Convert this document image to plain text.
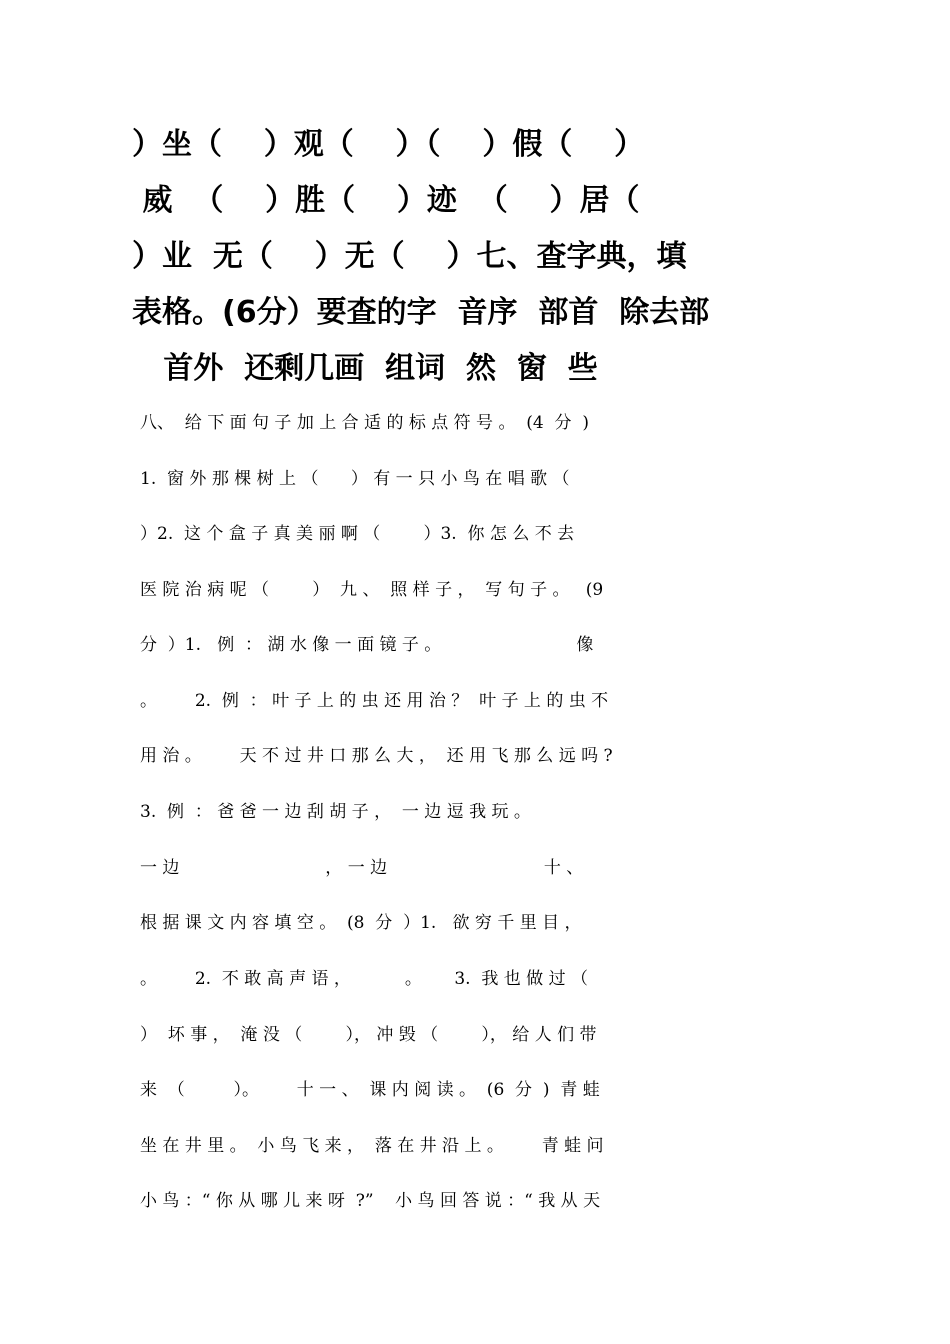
）坐（    ）观（    ）（    ）假（    ）
威  （    ）胜（    ）迹  （    ）居（
）业  无（    ）无（    ）七、查字典，填
表格。(6分）要查的字  音序  部首  除去部
首外  还剩几画  组词  然  窗  些
八、  给 下 面 句 子 加 上 合 适 的 标 点 符 号 。  (4  分  )
1.  窗 外 那 棵 树 上 （      ） 有 一 只 小 鸟 在 唱 歌 （
）2.  这 个 盒 子 真 美 丽 啊 （        ）3.  你 怎 么 不 去
医 院 治 病 呢 （        ）  九 、  照 样 子 ，  写 句 子 。   (9
分  ）1.   例  ： 湖 水 像 一 面 镜 子 。                         像
。       2.  例  ： 叶 子 上 的 虫 还 用 治 ？  叶 子 上 的 虫 不
用 治 。       天 不 过 井 口 那 么 大 ，  还 用 飞 那 么 远 吗 ?
3.  例  ： 爸 爸 一 边 刮 胡 子 ，  一 边 逗 我 玩 。
一 边                           ， 一 边                             十 、
根 据 课 文 内 容 填 空 。  (8  分  ）1.   欲 穷 千 里 目 ，
。       2.  不 敢 高 声 语 ，          。      3.  我 也 做 过 （
）  坏 事 ，  淹 没 （        ）， 冲 毁 （        ）， 给 人 们 带
来  （         ）。       十 一 、  课 内 阅 读 。  (6  分  )  青 蛙
坐 在 井 里 。  小 鸟 飞 来 ，  落 在 井 沿 上 。       青 蛙 问
小 鸟 ：“ 你 从 哪 儿 来 呀  ?”    小 鸟 回 答 说 ：“ 我 从 天
